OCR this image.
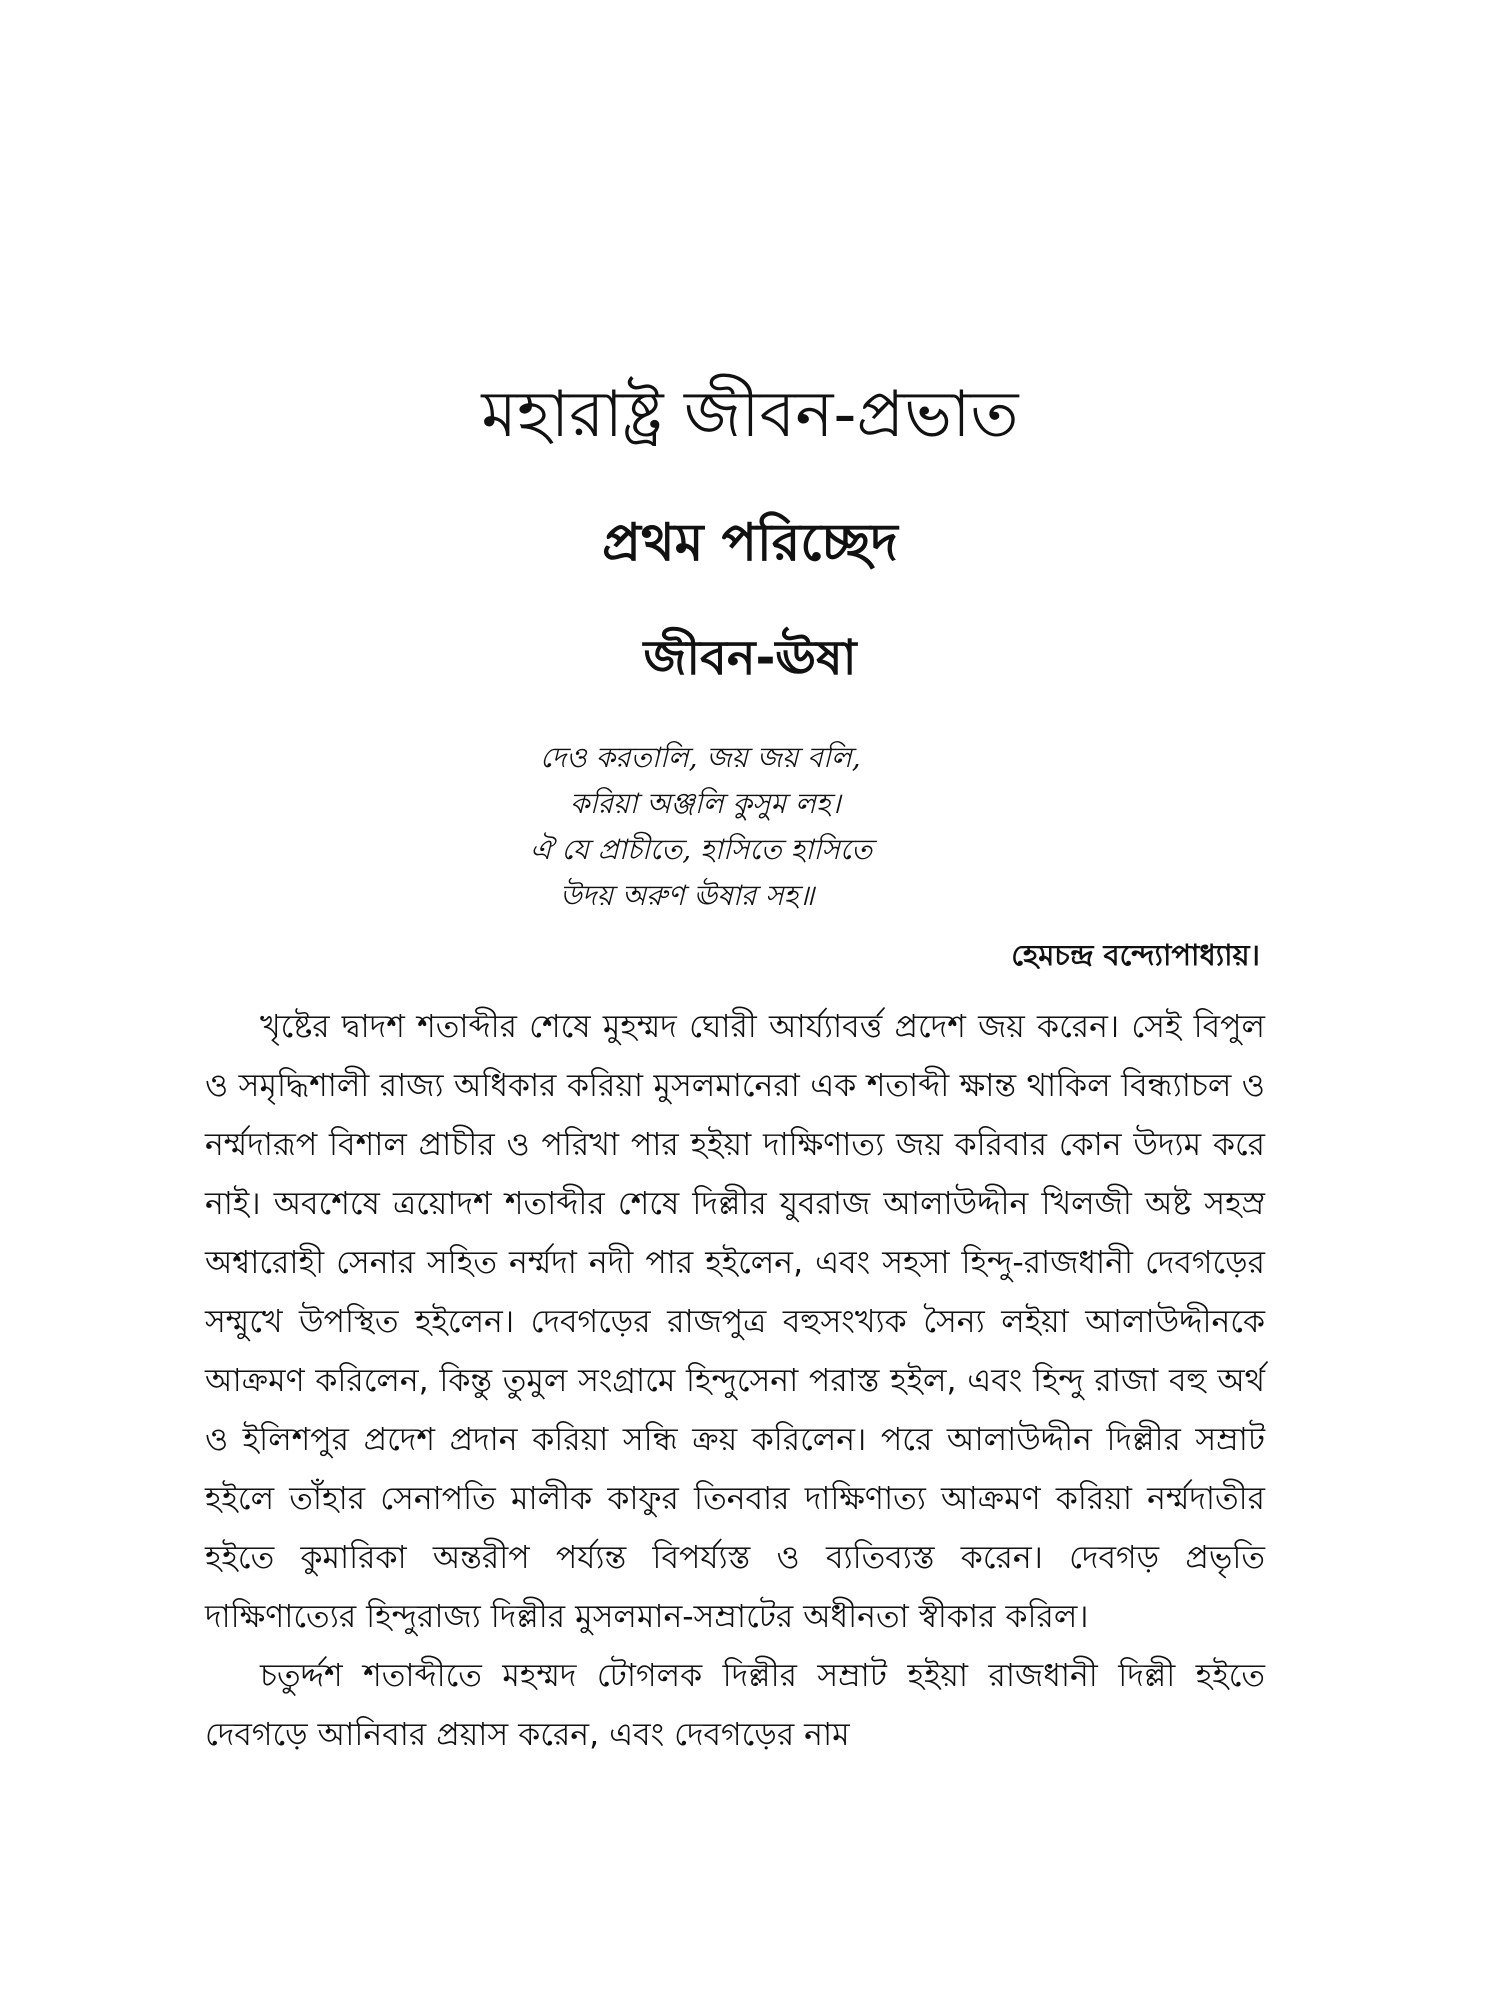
মহারাষ্ট্র জীবন-প্রভাত
প্রথম পরিচ্ছেদ
জীবন-ঊষা
দেও করতালি, জয় জয় বলি,
করিয়া অঞ্জলি কুসুম লহ।
ঐ যে প্রাচীতে, হাসিতে হাসিতে
উদয় অরুণ ঊষার সহ॥
হেমচন্দ্র বন্দ্যোপাধ্যায়।

খৃষ্টের দ্বাদশ শতাব্দীর শেষে মুহম্মদ ঘোরী আর্য্যাবর্ত্ত প্রদেশ জয় করেন। সেই বিপুল ও সমৃদ্ধিশালী রাজ্য অধিকার করিয়া মুসলমানেরা এক শতাব্দী ক্ষান্ত থাকিল বিন্ধ্যাচল ও নর্ম্মদারূপ বিশাল প্রাচীর ও পরিখা পার হইয়া দাক্ষিণাত্য জয় করিবার কোন উদ্যম করে নাই। অবশেষে ত্রয়োদশ শতাব্দীর শেষে দিল্লীর যুবরাজ আলাউদ্দীন খিলজী অষ্ট সহস্র অশ্বারোহী সেনার সহিত নর্ম্মদা নদী পার হইলেন, এবং সহসা হিন্দু-রাজধানী দেবগড়ের সম্মুখে উপস্থিত হইলেন। দেবগড়ের রাজপুত্র বহুসংখ্যক সৈন্য লইয়া আলাউদ্দীনকে আক্রমণ করিলেন, কিন্তু তুমুল সংগ্রামে হিন্দুসেনা পরাস্ত হইল, এবং হিন্দু রাজা বহু অর্থ ও ইলিশপুর প্রদেশ প্রদান করিয়া সন্ধি ক্রয় করিলেন। পরে আলাউদ্দীন দিল্লীর সম্রাট হইলে তাঁহার সেনাপতি মালীক কাফুর তিনবার দাক্ষিণাত্য আক্রমণ করিয়া নর্ম্মদাতীর হইতে কুমারিকা অন্তরীপ পর্য্যন্ত বিপর্য্যস্ত ও ব্যতিব্যস্ত করেন। দেবগড় প্রভৃতি দাক্ষিণাত্যের হিন্দুরাজ্য দিল্লীর মুসলমান-সম্রাটের অধীনতা স্বীকার করিল।

চতুর্দ্দশ শতাব্দীতে মহম্মদ টোগলক দিল্লীর সম্রাট হইয়া রাজধানী দিল্লী হইতে দেবগড়ে আনিবার প্রয়াস করেন, এবং দেবগড়ের নাম
